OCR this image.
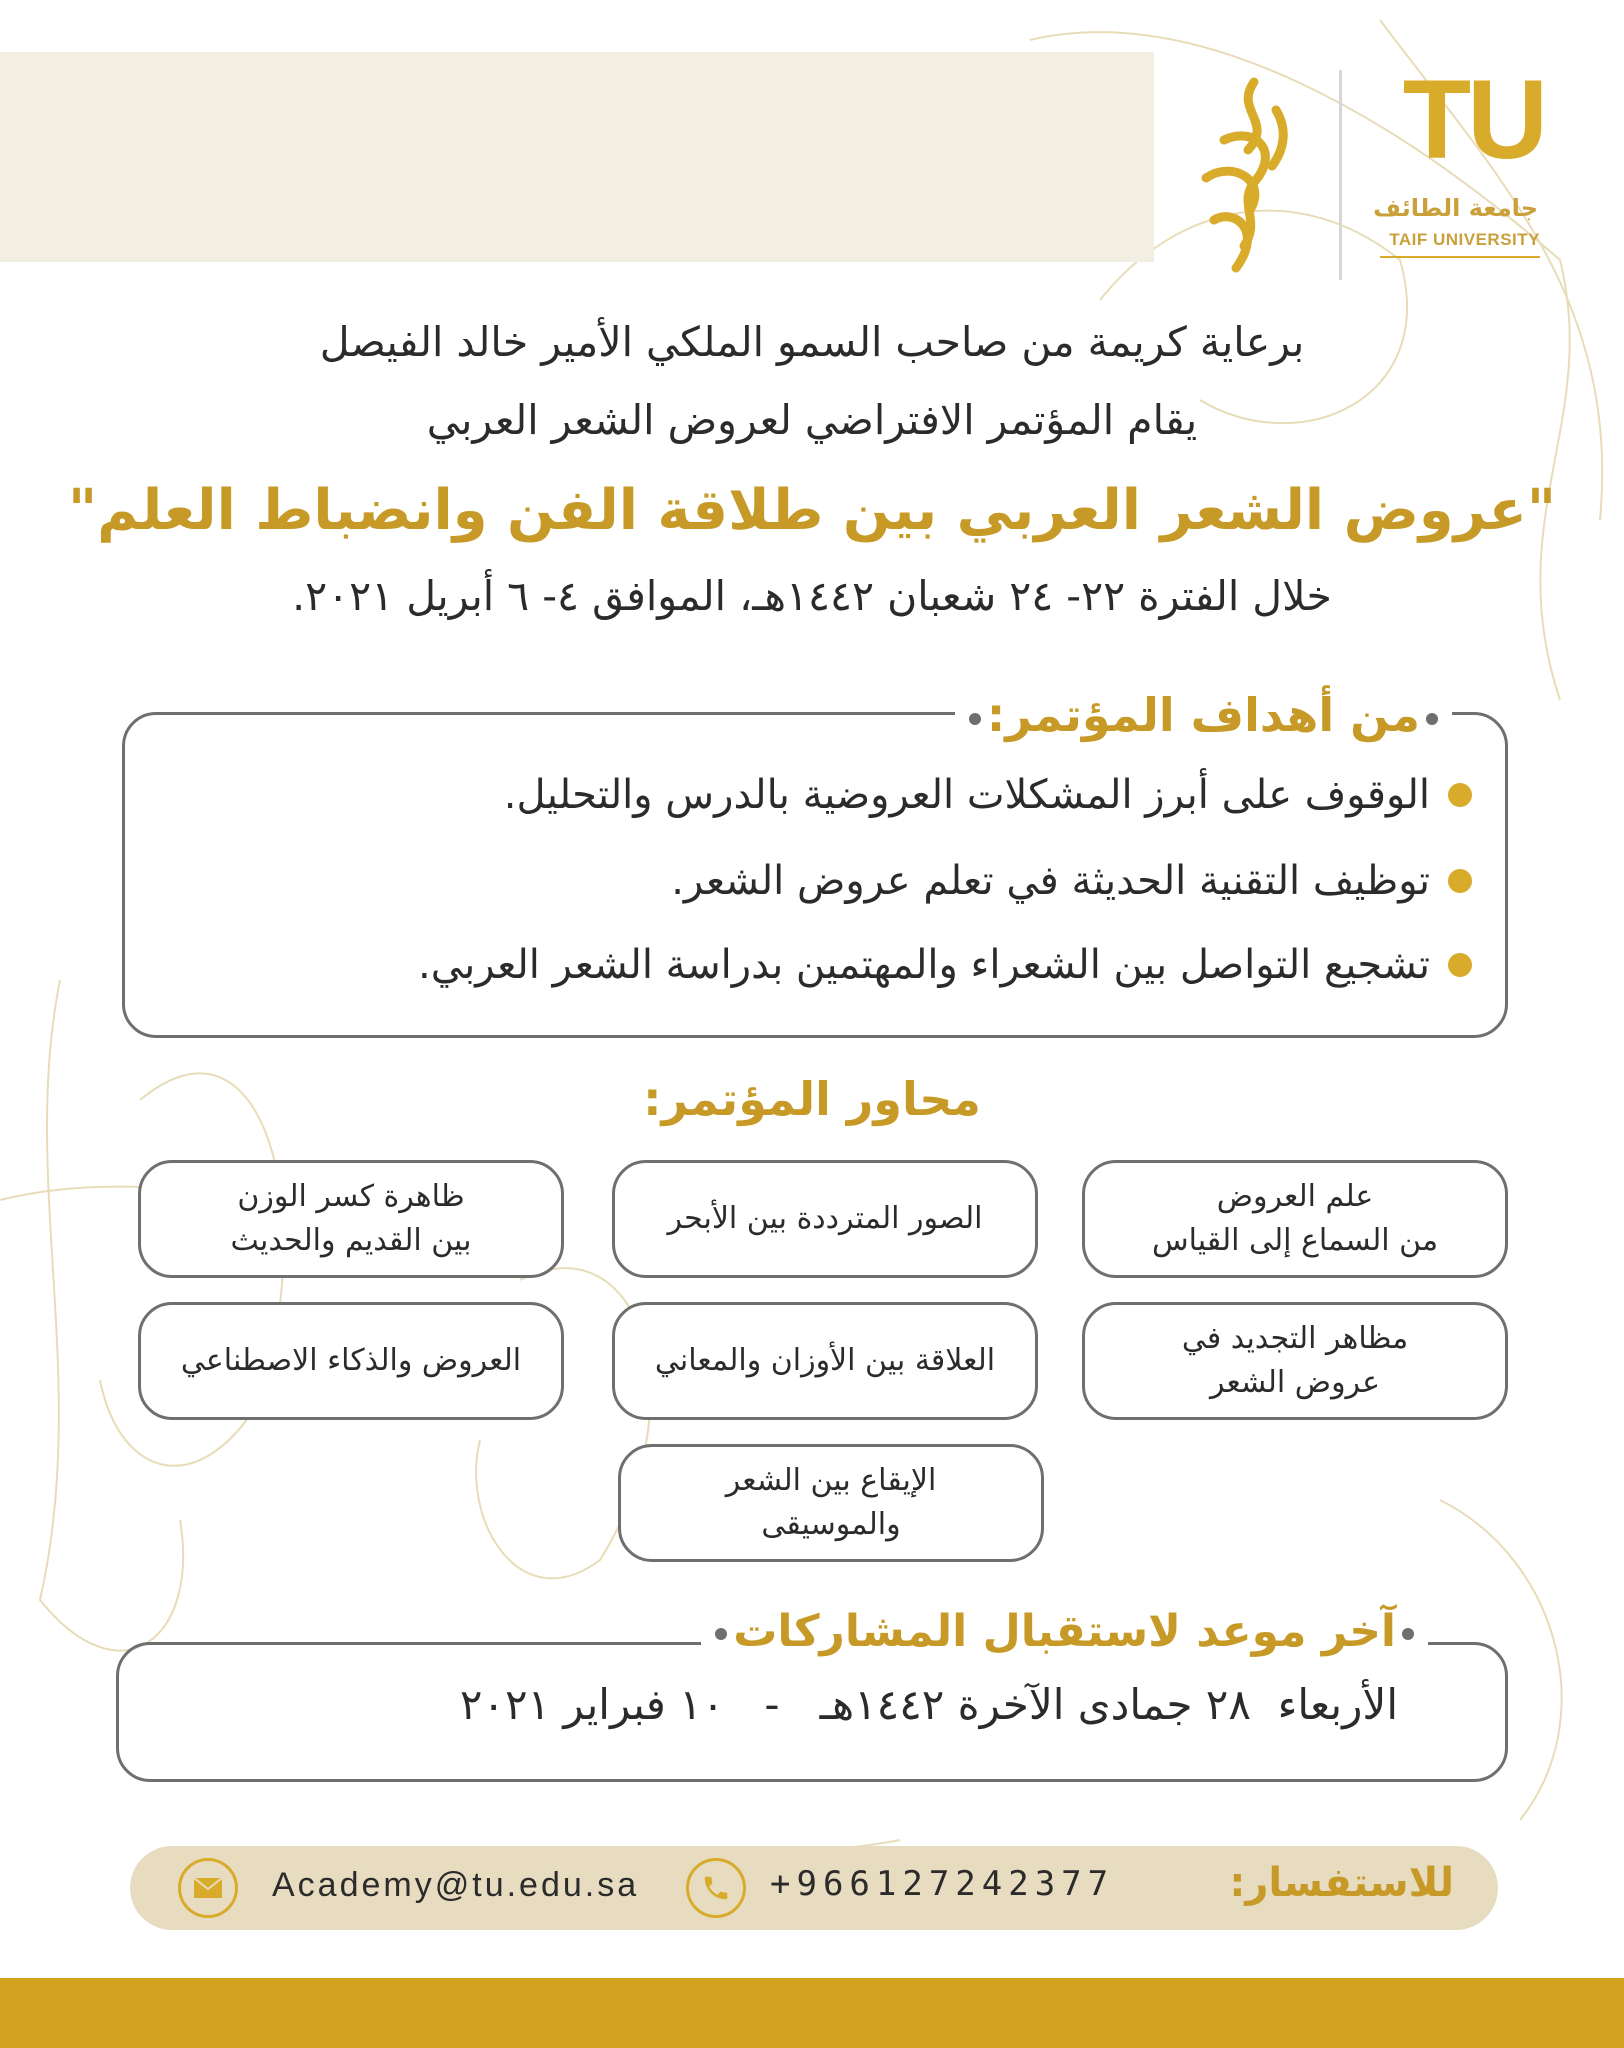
TU
جامعة الطائف
TAIF UNIVERSITY
برعاية كريمة من صاحب السمو الملكي الأمير خالد الفيصل
يقام المؤتمر الافتراضي لعروض الشعر العربي
"عروض الشعر العربي بين طلاقة الفن وانضباط العلم"
خلال الفترة ٢٢- ٢٤ شعبان ١٤٤٢هـ، الموافق ٤- ٦ أبريل ٢٠٢١.
من أهداف المؤتمر:
الوقوف على أبرز المشكلات العروضية بالدرس والتحليل.
توظيف التقنية الحديثة في تعلم عروض الشعر.
تشجيع التواصل بين الشعراء والمهتمين بدراسة الشعر العربي.
محاور المؤتمر:
علم العروض
من السماع إلى القياس
الصور المترددة بين الأبحر
ظاهرة كسر الوزن
بين القديم والحديث
مظاهر التجديد في
عروض الشعر
العلاقة بين الأوزان والمعاني
العروض والذكاء الاصطناعي
الإيقاع بين الشعر
والموسيقى
آخر موعد لاستقبال المشاركات
الأربعاء  ٢٨ جمادى الآخرة ١٤٤٢هـ   -   ١٠ فبراير ٢٠٢١
للاستفسار:
+966127242377
Academy@tu.edu.sa
